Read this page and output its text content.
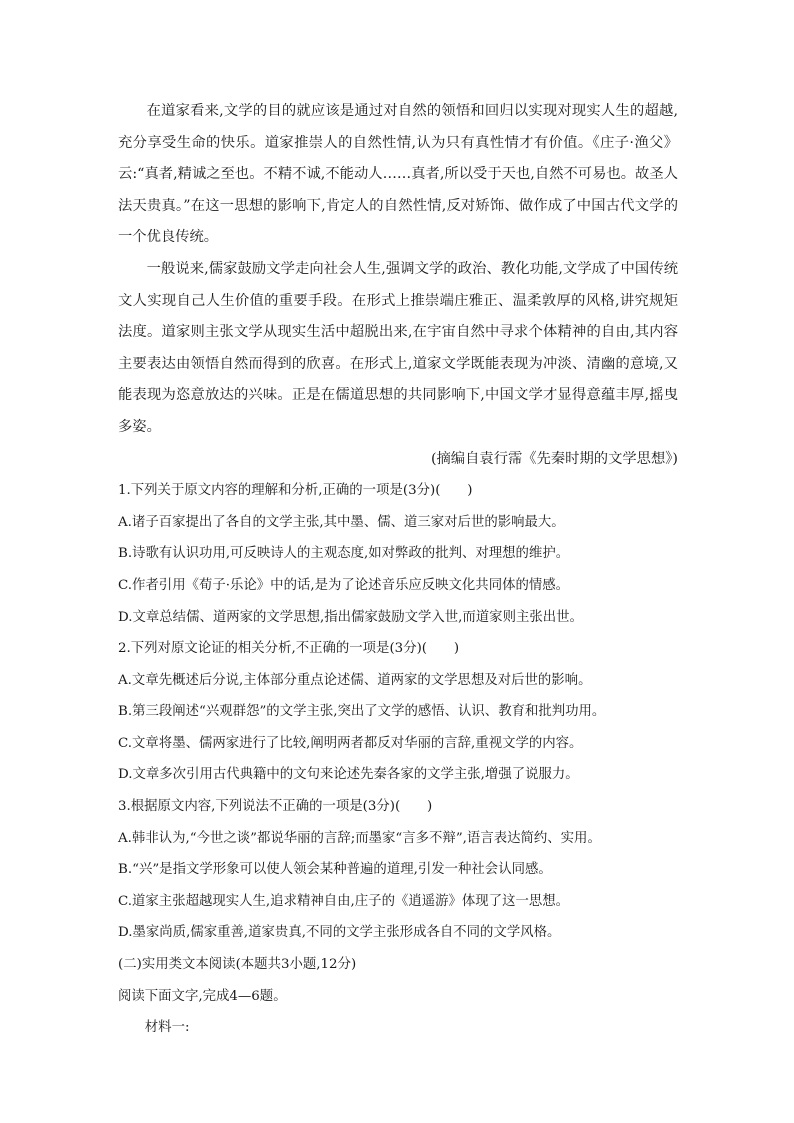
在道家看来,文学的目的就应该是通过对自然的领悟和回归以实现对现实人生的超越,充分享受生命的快乐。道家推崇人的自然性情,认为只有真性情才有价值。《庄子·渔父》云:“真者,精诚之至也。不精不诚,不能动人……真者,所以受于天也,自然不可易也。故圣人法天贵真。”在这一思想的影响下,肯定人的自然性情,反对矫饰、做作成了中国古代文学的一个优良传统。

一般说来,儒家鼓励文学走向社会人生,强调文学的政治、教化功能,文学成了中国传统文人实现自己人生价值的重要手段。在形式上推崇端庄雅正、温柔敦厚的风格,讲究规矩法度。道家则主张文学从现实生活中超脱出来,在宇宙自然中寻求个体精神的自由,其内容主要表达由领悟自然而得到的欣喜。在形式上,道家文学既能表现为冲淡、清幽的意境,又能表现为恣意放达的兴味。正是在儒道思想的共同影响下,中国文学才显得意蕴丰厚,摇曳多姿。

(摘编自袁行霈《先秦时期的文学思想》)

1.下列关于原文内容的理解和分析,正确的一项是(3分)(　　)

A.诸子百家提出了各自的文学主张,其中墨、儒、道三家对后世的影响最大。

B.诗歌有认识功用,可反映诗人的主观态度,如对弊政的批判、对理想的维护。

C.作者引用《荀子·乐论》中的话,是为了论述音乐应反映文化共同体的情感。

D.文章总结儒、道两家的文学思想,指出儒家鼓励文学入世,而道家则主张出世。

2.下列对原文论证的相关分析,不正确的一项是(3分)(　　)

A.文章先概述后分说,主体部分重点论述儒、道两家的文学思想及对后世的影响。

B.第三段阐述“兴观群怨”的文学主张,突出了文学的感悟、认识、教育和批判功用。

C.文章将墨、儒两家进行了比较,阐明两者都反对华丽的言辞,重视文学的内容。

D.文章多次引用古代典籍中的文句来论述先秦各家的文学主张,增强了说服力。

3.根据原文内容,下列说法不正确的一项是(3分)(　　)

A.韩非认为,“今世之谈”都说华丽的言辞;而墨家“言多不辩”,语言表达简约、实用。

B.“兴”是指文学形象可以使人领会某种普遍的道理,引发一种社会认同感。

C.道家主张超越现实人生,追求精神自由,庄子的《逍遥游》体现了这一思想。

D.墨家尚质,儒家重善,道家贵真,不同的文学主张形成各自不同的文学风格。

(二)实用类文本阅读(本题共3小题,12分)

阅读下面文字,完成4—6题。

材料一:
